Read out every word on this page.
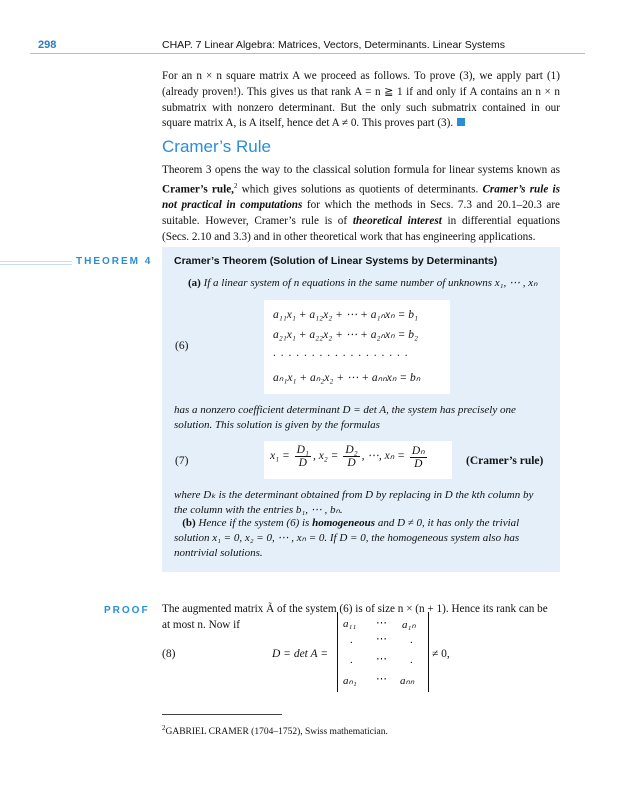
298	CHAP. 7 Linear Algebra: Matrices, Vectors, Determinants. Linear Systems
For an n × n square matrix A we proceed as follows. To prove (3), we apply part (1) (already proven!). This gives us that rank A = n ≧ 1 if and only if A contains an n × n submatrix with nonzero determinant. But the only such submatrix contained in our square matrix A, is A itself, hence det A ≠ 0. This proves part (3).
Cramer’s Rule
Theorem 3 opens the way to the classical solution formula for linear systems known as Cramer’s rule,$^2$ which gives solutions as quotients of determinants. Cramer’s rule is not practical in computations for which the methods in Secs. 7.3 and 20.1–20.3 are suitable. However, Cramer’s rule is of theoretical interest in differential equations (Secs. 2.10 and 3.3) and in other theoretical work that has engineering applications.
THEOREM 4 Cramer’s Theorem (Solution of Linear Systems by Determinants)
(a) If a linear system of n equations in the same number of unknowns x₁, ⋯ , xₙ
(6)
a₁₁x₁ + a₁₂x₂ + ⋯ + a₁ₙxₙ = b₁
a₂₁x₁ + a₂₂x₂ + ⋯ + a₂ₙxₙ = b₂
. . . . . . . . . . . . . . . . . .
aₙ₁x₁ + aₙ₂x₂ + ⋯ + aₙₙxₙ = bₙ
has a nonzero coefficient determinant D = det A, the system has precisely one
solution. This solution is given by the formulas
(7)	$x_1 = \frac{\text{D₁}}{D}$ , $x_2 = \frac{\text{D₂}}{D}$ , ⋯, $x_n = \frac{\text{Dₙ}}{D}$	(Cramer’s rule)
where Dₖ is the determinant obtained from D by replacing in D the kth column by
the column with the entries b₁, ⋯ , bₙ.
(b) Hence if the system (6) is homogeneous and D ≠ 0, it has only the trivial
solution x₁ = 0, x₂ = 0, ⋯ , xₙ = 0. If D = 0, the homogeneous system also has
nontrivial solutions.
PROOF The augmented matrix Ã of the system (6) is of size n × (n + 1). Hence its rank can be
at most n. Now if
(8)	D = det A =
a₁₁ ⋯ a₁ₙ
. ⋯ .
. ⋯ .
aₙ₁ ⋯ aₙₙ
≠ 0,
$^2$GABRIEL CRAMER (1704–1752), Swiss mathematician.
